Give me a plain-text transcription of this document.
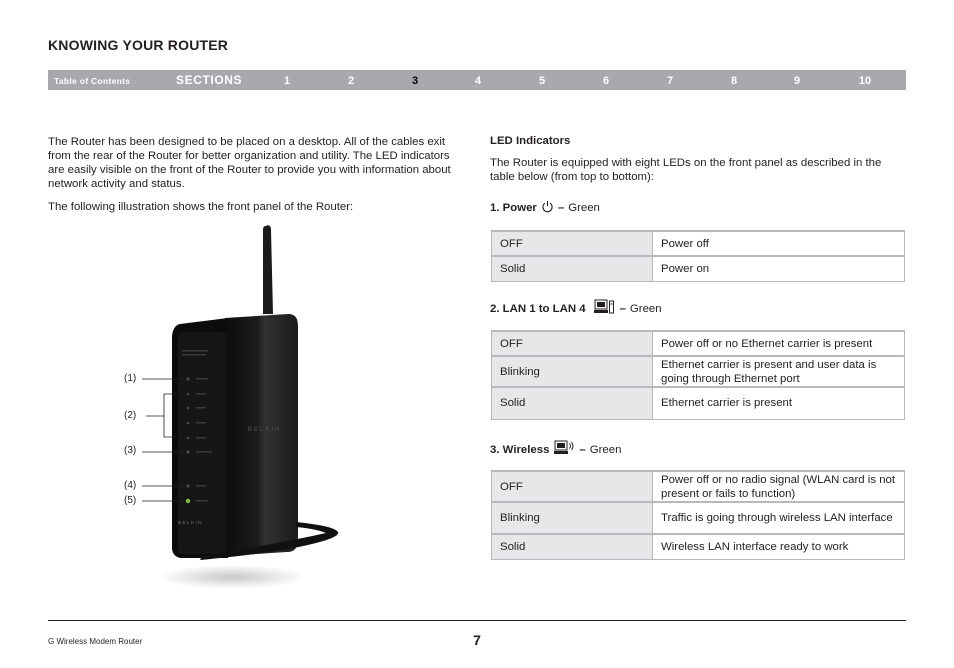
KNOWING YOUR ROUTER
Table of Contents	SECTIONS	1	2	3	4	5	6	7	8	9	10

The Router has been designed to be placed on a desktop. All of the cables exit from the rear of the Router for better organization and utility. The LED indicators are easily visible on the front of the Router to provide you with information about network activity and status.

The following illustration shows the front panel of the Router:

BELKIN
BELKIN
(1)
(2)
(3)
(4)
(5)
LED Indicators

The Router is equipped with eight LEDs on the front panel as described in the table below (from top to bottom):

1. Power – Green
OFF	Power off
Solid	Power on
2. LAN 1 to LAN 4	– Green
OFF	Power off or no Ethernet carrier is present
Blinking	Ethernet carrier is present and user data is going through Ethernet port
Solid	Ethernet carrier is present
3. Wireless	– Green
OFF	Power off or no radio signal (WLAN card is not present or fails to function)
Blinking	Traffic is going through wireless LAN interface
Solid	Wireless LAN interface ready to work
G Wireless Modem Router	7
